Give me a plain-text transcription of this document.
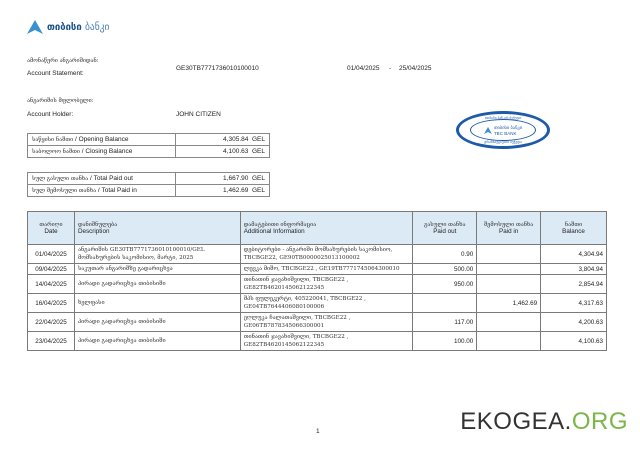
თიბისი ბანკი
ამონაწერი ანგარიშიდან:
Account Statement:
GE30TB7771736010100010	01/04/2025 - 25/04/2025
ანგარიშის მფლობელი:
Account Holder:	JOHN CITIZEN	თიბისი ბანკის ბეჭედი
თიბისი ბანკი
TBC BANK
ტრანზაქციების ბეჭედი
საწყისი ნაშთი / Opening Balance	4,305.84 GEL
საბოლოო ნაშთი / Closing Balance	4,100.63 GEL
სულ გასული თანხა / Total Paid out	1,667.90 GEL
სულ შემოსული თანხა / Total Paid in	1,462.69 GEL
თარიღი
Date	დანიშნულება
Description	დამატებითი ინფორმაცია
Additional Information	გასული თანხა
Paid out	შემოსული თანხა
Paid in	ნაშთი
Balance
01/04/2025	ანგარიშის GE30TB7771736010100010/GEL მომსახურების საკომისიო, მარტი, 2025	დებიტორები - ანგარიში მომსახურების საკომისიო, TBCBGE22, GE90TB0000025013100002	0.90		4,304.94
09/04/2025	საკუთარ ანგარიშზე გადარიცხვა	ლევკა მიშო, TBCBGE22 , GE19TB7771745064300010	500.00		3,804.94
14/04/2025	პირადი გადარიცხვა თიბისიში	თინათინ ჯავახიშვილი, TBCBGE22 , GE82TB4620145062122345	950.00		2,854.94
16/04/2025	ხელფასი	შპს ფულეკერტი, 405220041, TBCBGE22 , GE04TB7644406080100006		1,462.69	4,317.63
22/04/2025	პირადი გადარიცხვა თიბისიში	ეღლუკა ჩალათაშვილი, TBCBGE22 , GE06TB7878345066300001	117.00		4,200.63
23/04/2025	პირადი გადარიცხვა თიბისიში	თინათინ ჯავახიშვილი, TBCBGE22 , GE82TB4620145062122345	100.00		4,100.63
1	EKOGEA.ORG
